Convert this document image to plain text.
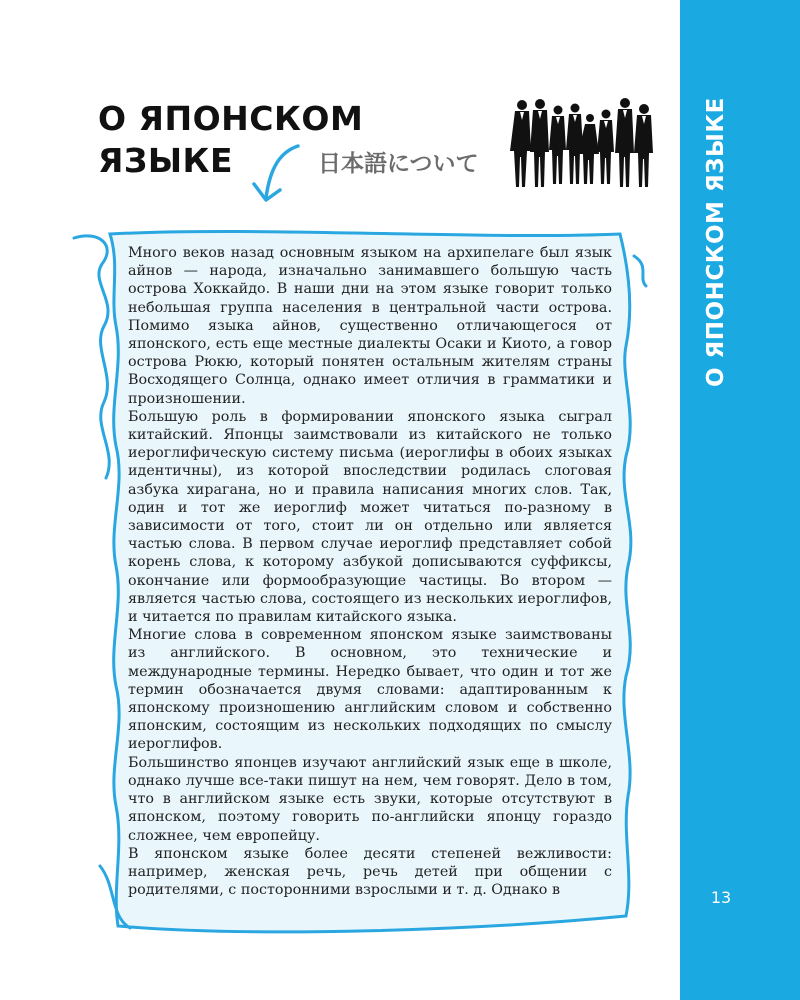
О ЯПОНСКОМ ЯЗЫКЕ
13
О ЯПОНСКОМ
ЯЗЫКЕ	日本語について

Много веков назад основным языком на архипелаге был язык айнов — народа, изначально занимавшего большую часть острова Хоккайдо. В наши дни на этом языке говорит только небольшая группа населения в центральной части острова. Помимо языка айнов, существенно отличающегося от японского, есть еще местные диалекты Осаки и Киото, а говор острова Рюкю, который понятен остальным жителям страны Восходящего Солнца, однако имеет отличия в грамматики и произношении.

Большую роль в формировании японского языка сыграл китайский. Японцы заимствовали из китайского не только иероглифическую систему письма (иероглифы в обоих языках идентичны), из которой впоследствии родилась слоговая азбука хирагана, но и правила написания многих слов. Так, один и тот же иероглиф может читаться по-разному в зависимости от того, стоит ли он отдельно или является частью слова. В первом случае иероглиф представляет собой корень слова, к которому азбукой дописываются суффиксы, окончание или формообразующие частицы. Во втором — является частью слова, состоящего из нескольких иероглифов, и читается по правилам китайского языка.

Многие слова в современном японском языке заимствованы из английского. В основном, это технические и международные термины. Нередко бывает, что один и тот же термин обозначается двумя словами: адаптированным к японскому произношению английским словом и собственно японским, состоящим из нескольких подходящих по смыслу иероглифов.

Большинство японцев изучают английский язык еще в школе, однако лучше все-таки пишут на нем, чем говорят. Дело в том, что в английском языке есть звуки, которые отсутствуют в японском, поэтому говорить по-английски японцу гораздо сложнее, чем европейцу.

В японском языке более десяти степеней вежливости: например, женская речь, речь детей при общении с родителями, с посторонними взрослыми и т. д. Однако в
